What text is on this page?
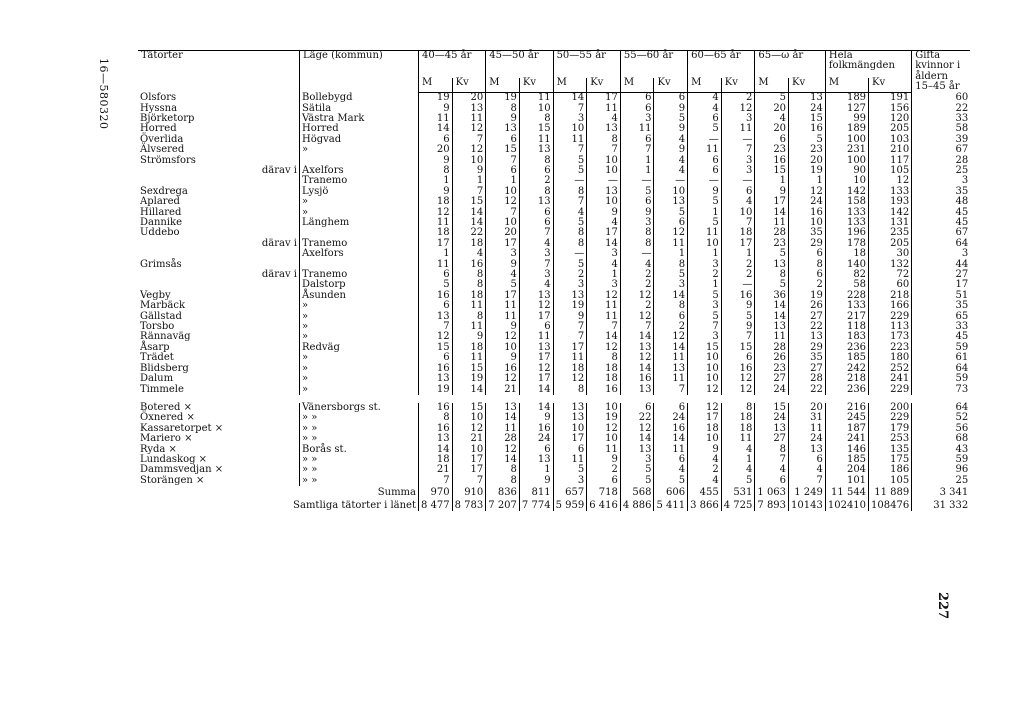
16—580320
227
Tätorter	Läge (kommun)	40—45 år		45—50 år		50—55 år		55—60 år		60—65 år		65—ω år		Hela folkmängden		Gifta kvinnor i åldern 15–45 år
		M	Kv	M	Kv	M	Kv	M	Kv	M	Kv	M	Kv	M	Kv	
Olsfors	Bollebygd	19	20	19	11	14	17	6	6	4	2	5	13	189	191	60
Hyssna	Sätila	9	13	8	10	7	11	6	9	4	12	20	24	127	156	22
Björketorp	Västra Mark	11	11	9	8	3	4	3	5	6	3	4	15	99	120	33
Horred	Horred	14	12	13	15	10	13	11	9	5	11	20	16	189	205	58
Överlida	Högvad	6	7	6	11	11	8	6	4	—	—	6	5	100	103	39
Älvsered	»	20	12	15	13	7	7	7	9	11	7	23	23	231	210	67
Strömsfors		9	10	7	8	5	10	1	4	6	3	16	20	100	117	28
därav i	Axelfors	8	9	6	6	5	10	1	4	6	3	15	19	90	105	25
	Tranemo	1	1	1	2	—	—	—	—	—	—	1	1	10	12	3
Sexdrega	Lysjö	9	7	10	8	8	13	5	10	9	6	9	12	142	133	35
Aplared	»	18	15	12	13	7	10	6	13	5	4	17	24	158	193	48
Hillared	»	12	14	7	6	4	9	9	5	1	10	14	16	133	142	45
Dannike	Länghem	11	14	10	6	5	4	3	6	5	7	11	10	133	131	45
Uddebo		18	22	20	7	8	17	8	12	11	18	28	35	196	235	67
därav i	Tranemo	17	18	17	4	8	14	8	11	10	17	23	29	178	205	64
	Axelfors	1	4	3	3	—	3	—	1	1	1	5	6	18	30	3
Grimsås		11	16	9	7	5	4	4	8	3	2	13	8	140	132	44
därav i	Tranemo	6	8	4	3	2	1	2	5	2	2	8	6	82	72	27
	Dalstorp	5	8	5	4	3	3	2	3	1	—	5	2	58	60	17
Vegby	Åsunden	16	18	17	13	13	12	12	14	5	16	36	19	228	218	51
Marbäck	»	6	11	11	12	19	11	2	8	3	9	14	26	133	166	35
Gällstad	»	13	8	11	17	9	11	12	6	5	5	14	27	217	229	65
Torsbo	»	7	11	9	6	7	7	7	2	7	9	13	22	118	113	33
Rännaväg	»	12	9	12	11	7	14	14	12	3	7	11	13	183	173	45
Åsarp	Redväg	15	18	10	13	17	12	13	14	15	15	28	29	236	223	59
Trädet	»	6	11	9	17	11	8	12	11	10	6	26	35	185	180	61
Blidsberg	»	16	15	16	12	18	18	14	13	10	16	23	27	242	252	64
Dalum	»	13	19	12	17	12	18	16	11	10	12	27	28	218	241	59
Timmele	»	19	14	21	14	8	16	13	7	12	12	24	22	236	229	73

Botered ×	Vänersborgs st.	16	15	13	14	13	10	6	6	12	8	15	20	216	200	64
Öxnered ×	» »	8	10	14	9	13	19	22	24	17	18	24	31	245	229	52
Kassaretorpet ×	» »	16	12	11	16	10	12	12	16	18	18	13	11	187	179	56
Mariero ×	» »	13	21	28	24	17	10	14	14	10	11	27	24	241	253	68
Ryda ×	Borås st.	14	10	12	6	6	11	13	11	9	4	8	13	146	135	43
Lundaskog ×	» »	18	17	14	13	11	9	3	6	4	1	7	6	185	175	59
Dammsvedjan ×	» »	21	17	8	1	5	2	5	4	2	4	4	4	204	186	96
Storängen ×	» »	7	7	8	9	3	6	5	5	4	5	6	7	101	105	25
Summa		970	910	836	811	657	718	568	606	455	531	1 063	1 249	11 544	11 889	3 341
Samtliga tätorter i länet		8 477	8 783	7 207	7 774	5 959	6 416	4 886	5 411	3 866	4 725	7 893	10143	102410	108476	31 332
